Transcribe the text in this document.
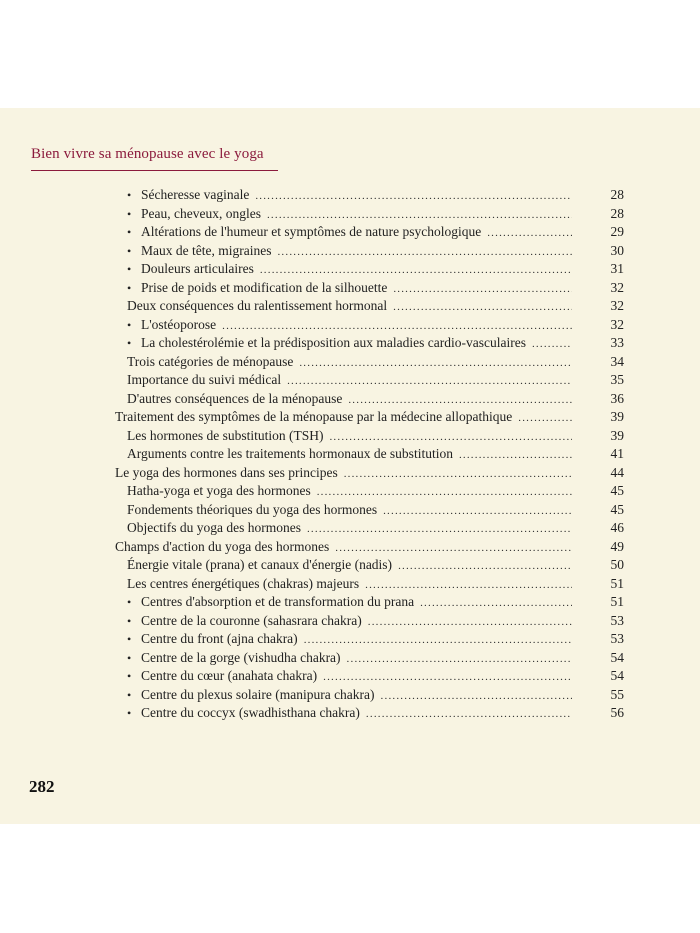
Bien vivre sa ménopause avec le yoga
• Sécheresse vaginale .....	28
• Peau, cheveux, ongles .....	28
• Altérations de l'humeur et symptômes de nature psychologique .....	29
• Maux de tête, migraines .....	30
• Douleurs articulaires .....	31
• Prise de poids et modification de la silhouette .....	32
Deux conséquences du ralentissement hormonal .....	32
• L'ostéoporose .....	32
• La cholestérolémie et la prédisposition aux maladies cardio-vasculaires .....	33
Trois catégories de ménopause .....	34
Importance du suivi médical .....	35
D'autres conséquences de la ménopause .....	36
Traitement des symptômes de la ménopause par la médecine allopathique .....	39
Les hormones de substitution (TSH) .....	39
Arguments contre les traitements hormonaux de substitution .....	41
Le yoga des hormones dans ses principes .....	44
Hatha-yoga et yoga des hormones .....	45
Fondements théoriques du yoga des hormones .....	45
Objectifs du yoga des hormones .....	46
Champs d'action du yoga des hormones .....	49
Énergie vitale (prana) et canaux d'énergie (nadis) .....	50
Les centres énergétiques (chakras) majeurs .....	51
• Centres d'absorption et de transformation du prana .....	51
• Centre de la couronne (sahasrara chakra) .....	53
• Centre du front (ajna chakra) .....	53
• Centre de la gorge (vishudha chakra) .....	54
• Centre du cœur (anahata chakra) .....	54
• Centre du plexus solaire (manipura chakra) .....	55
• Centre du coccyx (swadhisthana chakra) .....	56
282
